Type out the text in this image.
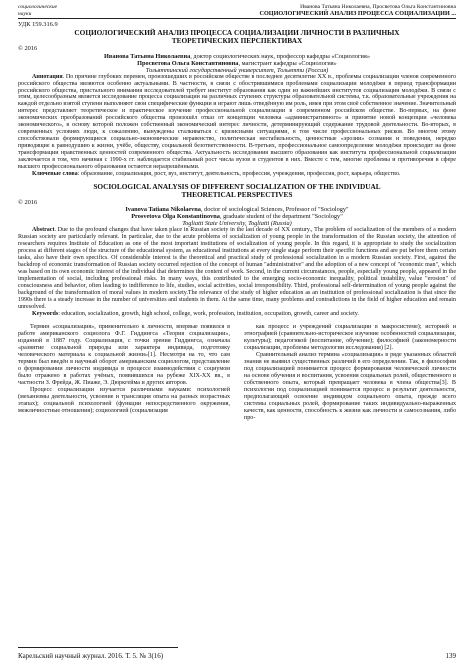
социологические
науки
Иванова Татьяна Николаевна, Просветова Ольга Константиновна
СОЦИОЛОГИЧЕСКИЙ АНАЛИЗ ПРОЦЕССА СОЦИАЛИЗАЦИИ ...
УДК 159.316.9
СОЦИОЛОГИЧЕСКИЙ АНАЛИЗ ПРОЦЕССА СОЦИАЛИЗАЦИИ ЛИЧНОСТИ В РАЗЛИЧНЫХ
ТЕОРЕТИЧЕСКИХ ПЕРСПЕКТИВАХ
© 2016
Иванова Татьяна Николаевна, доктор социологических наук, профессор кафедры «Социология»
Просветова Ольга Константиновна, магистрант кафедры «Социология»
Тольяттинский государственный университет, Тольятти (Россия)

Аннотация. По причине глубоких перемен, произошедших в российском обществе в последнее десятилетие XX в., проблемы социализации членов современного российского общества являются особенно актуальными. В частности, в связи с обострившимися проблемами социализации молодёжи в период трансформации российского общества, пристального внимания исследователей требует институт образования как один из важнейших институтов социализации молодёжи. В связи с этим, целесообразным является исследование процесса социализации на различных ступенях структуры образовательной системы, т.к. образовательные учреждения на каждой отдельно взятой ступени выполняют свои специфические функции и играют лишь отведённую им роль, имея при этом своё собственное значение. Значительный интерес представляет теоретическое и практическое изучение профессиональной социализации в современном российском обществе. Во-первых, на фоне экономических преобразований российского общества произошёл отказ от концепции человека «административного» и принятие новой концепции «человека экономического», в основу которой положен собственный экономический интерес личности, детерминирующий содержание трудовой деятельности. Во-вторых, в современных условиях люди, к сожалению, вынуждены сталкиваться с кризисными ситуациями, в том числе профессиональных рисков. Во многом этому способствовали формирующиеся социально-экономические неравенство, политическая нестабильность, ценностные «эрозии» сознания и поведения, нередко приводящие к равнодушию к жизни, учёбе, обществу, социальной безответственности. В-третьих, профессиональное самоопределение молодёжи происходит на фоне трансформации нравственных ценностей современного общества. Актуальность исследования высшего образования как института профессиональной социализации заключается в том, что начиная с 1990-х гг. наблюдается стабильный рост числа вузов и студентов в них. Вместе с тем, многие проблемы и противоречия в сфере высшего профессионального образования остаются неразрешёнными.

Ключевые слова: образование, социализация, рост, вуз, институт, деятельность, профессия, учреждения, профессия, рост, карьера, общество.

SOCIOLOGICAL ANALYSIS OF DIFFERENT SOCIALIZATION OF THE INDIVIDUAL
THEORETICAL PERSPECTIVES
© 2016
Ivanova Tatiana Nikolaevna, doctor of sociological Sciences, Professor of "Sociology"
Prosvetova Olga Konstantinovna, graduate student of the department "Sociology"
Togliatti State University, Togliatti (Russia)

Abstract. Due to the profound changes that have taken place in Russian society in the last decade of XX century., The problem of socialization of the members of a modern Russian society are particularly relevant. In particular, due to the acute problems of socialization of young people in the transformation of the Russian society, the attention of researchers requires Institute of Education as one of the most important institutions of socialization of young people. In this regard, it is appropriate to study the socialization process at different stages of the structure of the educational system, as educational institutions at every single stage perform their specific functions and are put before them certain tasks, also have their own specifics. Of considerable interest is the theoretical and practical study of professional socialization in a modern Russian society. First, against the backdrop of economic transformation of Russian society occurred rejection of the concept of human "administrative" and the adoption of a new concept of "economic man", which was based on its own economic interest of the individual that determines the content of work. Second, in the current circumstances, people, especially young people, appeared in the implementation of social, including professional risks. In many ways, this contributed to the emerging socio-economic inequality, political instability, value "erosion" of consciousness and behavior, often leading to indifference to life, studies, social activities, social irresponsibility. Third, professional self-determination of young people against the background of the transformation of moral values in modern society.The relevance of the study of higher education as an institution of professional socialization is that since the 1990s there is a steady increase in the number of universities and students in them. At the same time, many problems and contradictions in the field of higher education and remain unresolved.

Keywords: education, socialization, growth, high school, college, work, profession, institution, occupation, growth, career and society.

Термин «социализация», применительно к личности, впервые появился в работе американского социолога Ф.Г. Гиддингса «Теория социализации», изданной в 1887 году. Социализация, с точки зрения Гиддингса, означала «развитие социальной природы или характера индивида, подготовку человеческого материала к социальной жизни»[1]. Несмотря на то, что сам термин был введён в научный оборот американским социологом, представление о формировании личности индивида в процессе взаимодействия с социумом было отражено в работах учёных, появившихся на рубеже XIX-XX вв., в частности З. Фрейда, Ж. Пиаже, Э. Дюркгейма и других авторов.

Процесс социализации изучается различными науками: психологией (механизмы деятельности, усвоение и трансляция опыта на разных возрастных этапах); социальной психологией (функции непосредственного окружения, межличностные отношения); социологией (социализация

как процесс и учреждений социализации в макросистеме); историей и этнографией (сравнительно-историческое изучение особенностей социализации, культуры); педагогикой (воспитание, обучение); философией (закономерности социализации, проблемы методологии исследования) [2].

Сравнительный анализ термина «социализация» в ряде указанных областей знания не выявил существенных различий в его определении. Так, в философии под социализацией понимается процесс формирования человеческой личности на основе обучения и воспитания, усвоения социальных ролей, общественного и собственного опыта, который превращает человека в члена общества[3]. В психологии под социализацией понимается процесс и результат деятельности, предполагающий освоение индивидом социального опыта, прежде всего системы социальных ролей, формирование таких индивидуально-выраженных качеств, как ценности, способность к жизни как личности и самосознания, либо про-

Карельский научный журнал. 2016. Т. 5. № 3(16)	139
